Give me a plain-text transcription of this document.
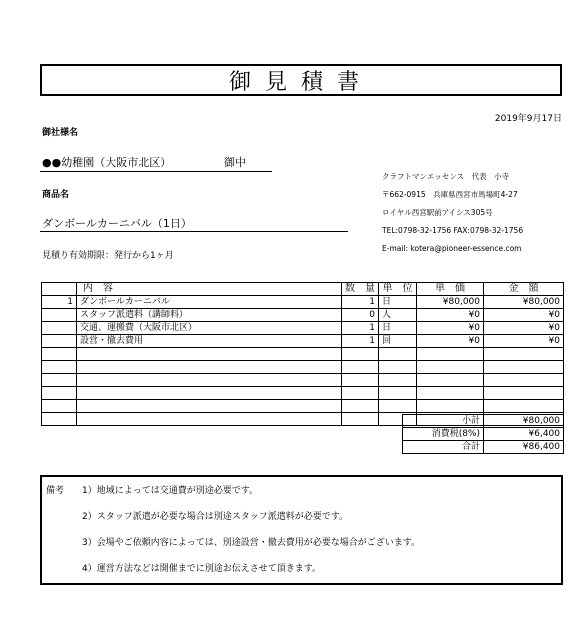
御見積書
2019年9月17日
御社様名
●●幼稚園（大阪市北区）	御中
商品名
ダンボールカーニバル（1日）
見積り有効期限：発行から1ヶ月
クラフトマンエッセンス　代表　小寺
〒662-0915　兵庫県西宮市馬場町4-27
ロイヤル西宮駅前アイシス305号
TEL:0798-32-1756 FAX:0798-32-1756
E-mail: kotera@pioneer-essence.com
	内　容	数　量	単　位	単　価	金　額
1	ダンボールカーニバル	1	日	¥80,000	¥80,000
	スタッフ派遣料（講師料）	0	人	¥0	¥0
	交通、運搬費（大阪市北区）	1	日	¥0	¥0
	設営・撤去費用	1	回	¥0	¥0

小計	¥80,000
消費税(8%)	¥6,400
合計	¥86,400
備考 1）地域によっては交通費が別途必要です。
2）スタッフ派遣が必要な場合は別途スタッフ派遣料が必要です。
3）会場やご依頼内容によっては、別途設営・撤去費用が必要な場合がございます。
4）運営方法などは開催までに別途お伝えさせて頂きます。
